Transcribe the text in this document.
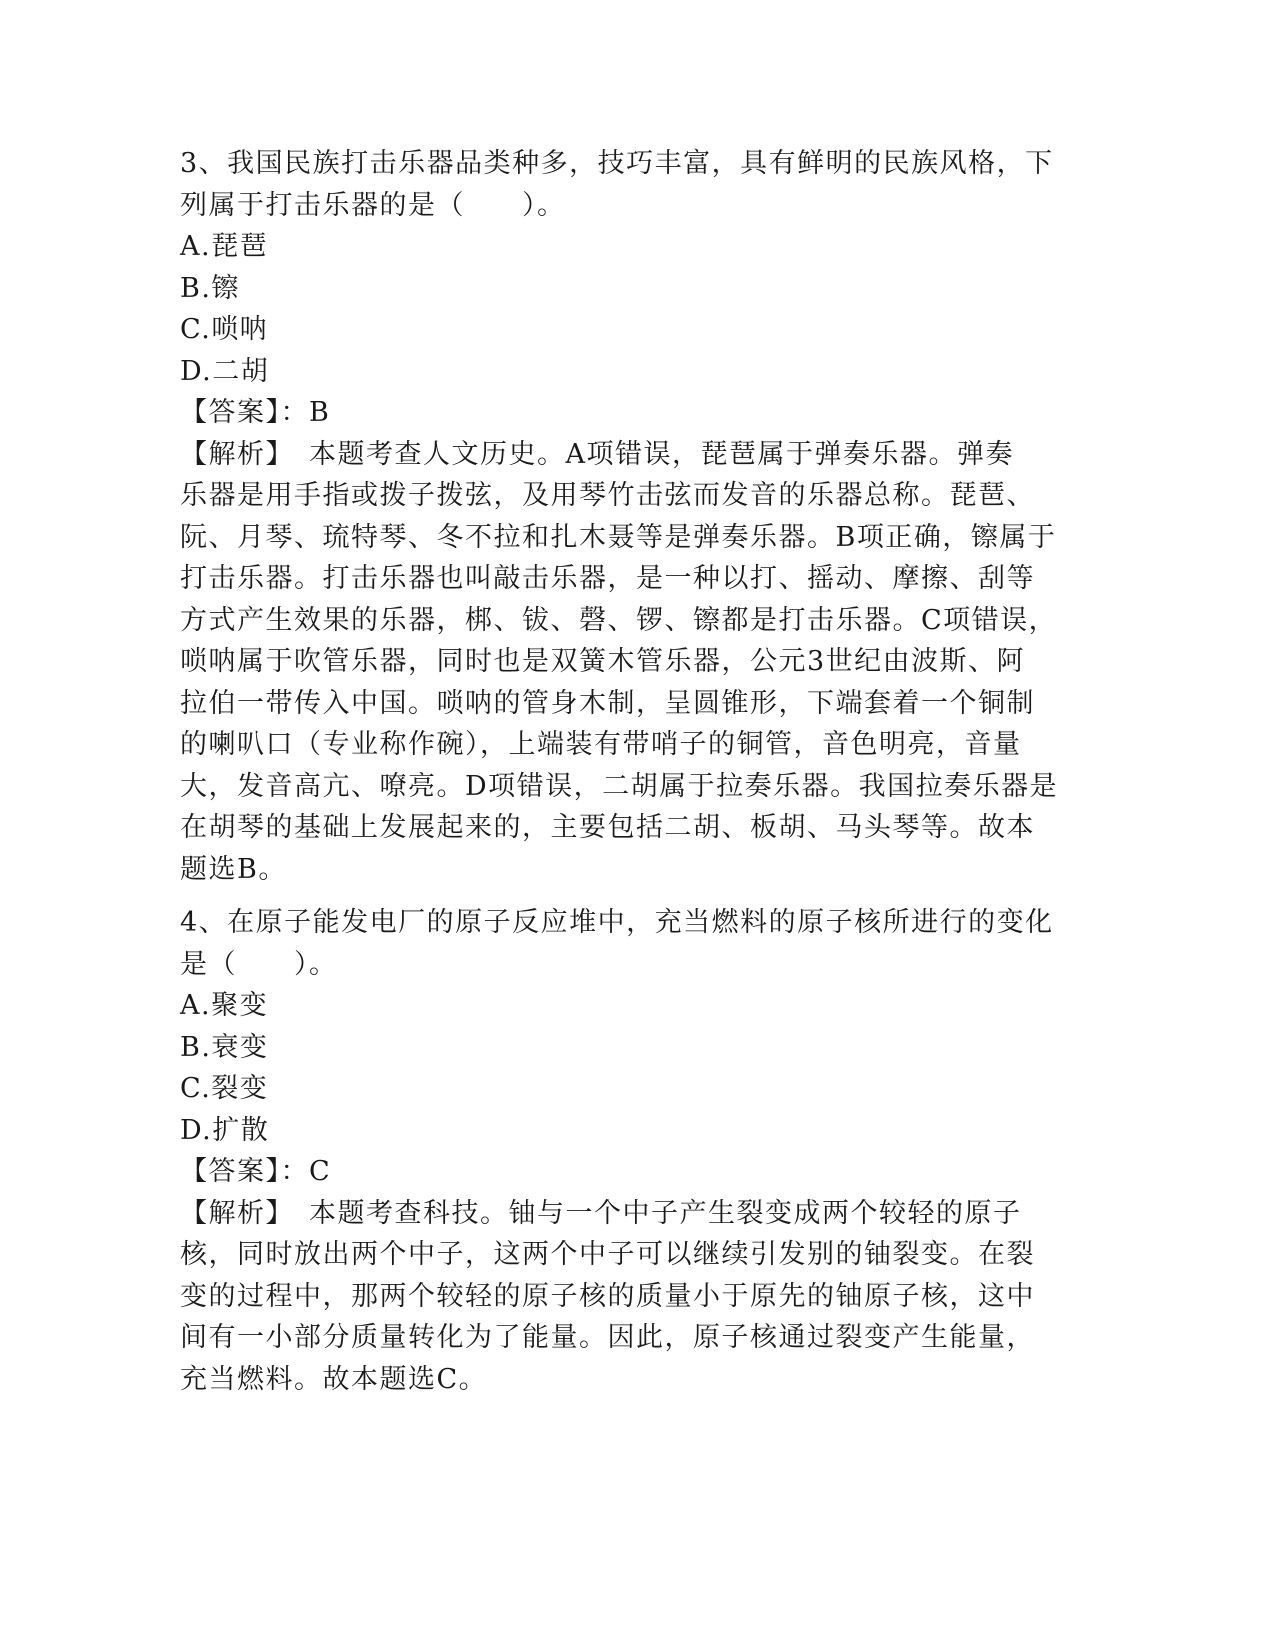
3、我国民族打击乐器品类种多，技巧丰富，具有鲜明的民族风格，下
列属于打击乐器的是（　　）。
A.琵琶
B.镲
C.唢呐
D.二胡
【答案】：B
【解析】　本题考查人文历史。A项错误，琵琶属于弹奏乐器。弹奏
乐器是用手指或拨子拨弦，及用琴竹击弦而发音的乐器总称。琵琶、
阮、月琴、琉特琴、冬不拉和扎木聂等是弹奏乐器。B项正确，镲属于
打击乐器。打击乐器也叫敲击乐器，是一种以打、摇动、摩擦、刮等
方式产生效果的乐器，梆、钹、磬、锣、镲都是打击乐器。C项错误，
唢呐属于吹管乐器，同时也是双簧木管乐器，公元3世纪由波斯、阿
拉伯一带传入中国。唢呐的管身木制，呈圆锥形，下端套着一个铜制
的喇叭口（专业称作碗），上端装有带哨子的铜管，音色明亮，音量
大，发音高亢、嘹亮。D项错误，二胡属于拉奏乐器。我国拉奏乐器是
在胡琴的基础上发展起来的，主要包括二胡、板胡、马头琴等。故本
题选B。
4、在原子能发电厂的原子反应堆中，充当燃料的原子核所进行的变化
是（　　）。
A.聚变
B.衰变
C.裂变
D.扩散
【答案】：C
【解析】　本题考查科技。铀与一个中子产生裂变成两个较轻的原子
核，同时放出两个中子，这两个中子可以继续引发别的铀裂变。在裂
变的过程中，那两个较轻的原子核的质量小于原先的铀原子核，这中
间有一小部分质量转化为了能量。因此，原子核通过裂变产生能量，
充当燃料。故本题选C。
